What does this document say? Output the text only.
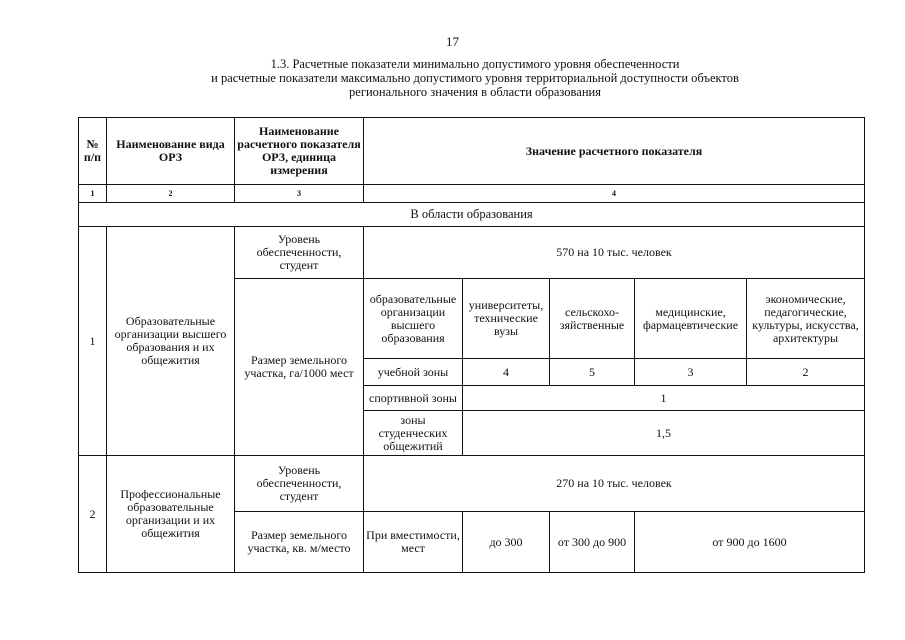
17
1.3. Расчетные показатели минимально допустимого уровня обеспеченности
и расчетные показатели максимально допустимого уровня территориальной доступности объектов
регионального значения в области образования
№ п/п	Наименование вида ОРЗ	Наименование расчетного показателя ОРЗ, единица измерения	Значение расчетного показателя				
1	2	3	4				
В области образования							
1	Образовательные организации высшего образования и их общежития	Уровень обеспеченности, студент	570 на 10 тыс. человек				
		Размер земельного участка, га/1000 мест	образовательные организации высшего образования	университеты, технические вузы	сельскохо-зяйственные	медицинские, фармацевтические	экономические, педагогические, культуры, искусства, архитектуры
			учебной зоны	4	5	3	2
			спортивной зоны	1			
			зоны студенческих общежитий	1,5			
2	Профессиональные образовательные организации и их общежития	Уровень обеспеченности, студент	270 на 10 тыс. человек				
		Размер земельного участка, кв. м/место	При вместимости, мест	до 300	от 300 до 900	от 900 до 1600	
